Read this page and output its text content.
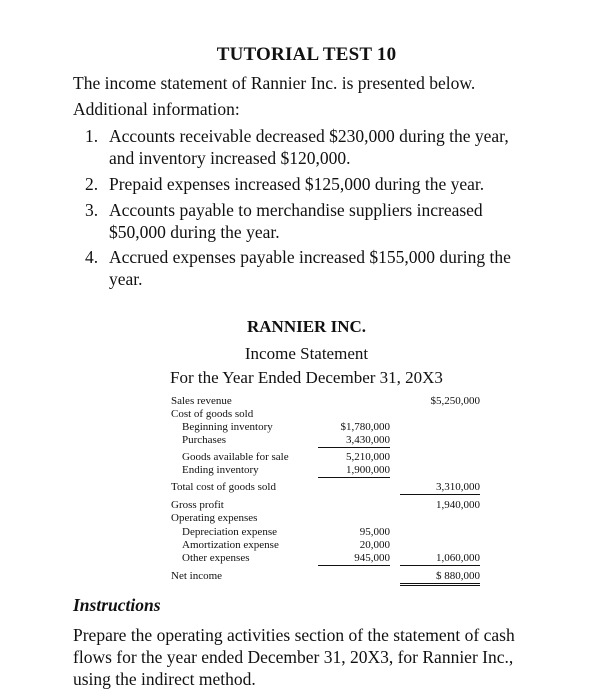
TUTORIAL TEST 10
The income statement of Rannier Inc. is presented below.
Additional information:
1. Accounts receivable decreased $230,000 during the year,
and inventory increased $120,000.
2. Prepaid expenses increased $125,000 during the year.
3. Accounts payable to merchandise suppliers increased
$50,000 during the year.
4. Accrued expenses payable increased $155,000 during the
year.
RANNIER INC.
Income Statement
For the Year Ended December 31, 20X3
Sales revenue	$5,250,000
Cost of goods sold
Beginning inventory	$1,780,000
Purchases	3,430,000
Goods available for sale	5,210,000
Ending inventory	1,900,000
Total cost of goods sold	3,310,000
Gross profit	1,940,000
Operating expenses
Depreciation expense	95,000
Amortization expense	20,000
Other expenses	945,000	1,060,000
Net income	$ 880,000
Instructions
Prepare the operating activities section of the statement of cash
flows for the year ended December 31, 20X3, for Rannier Inc.,
using the indirect method.
